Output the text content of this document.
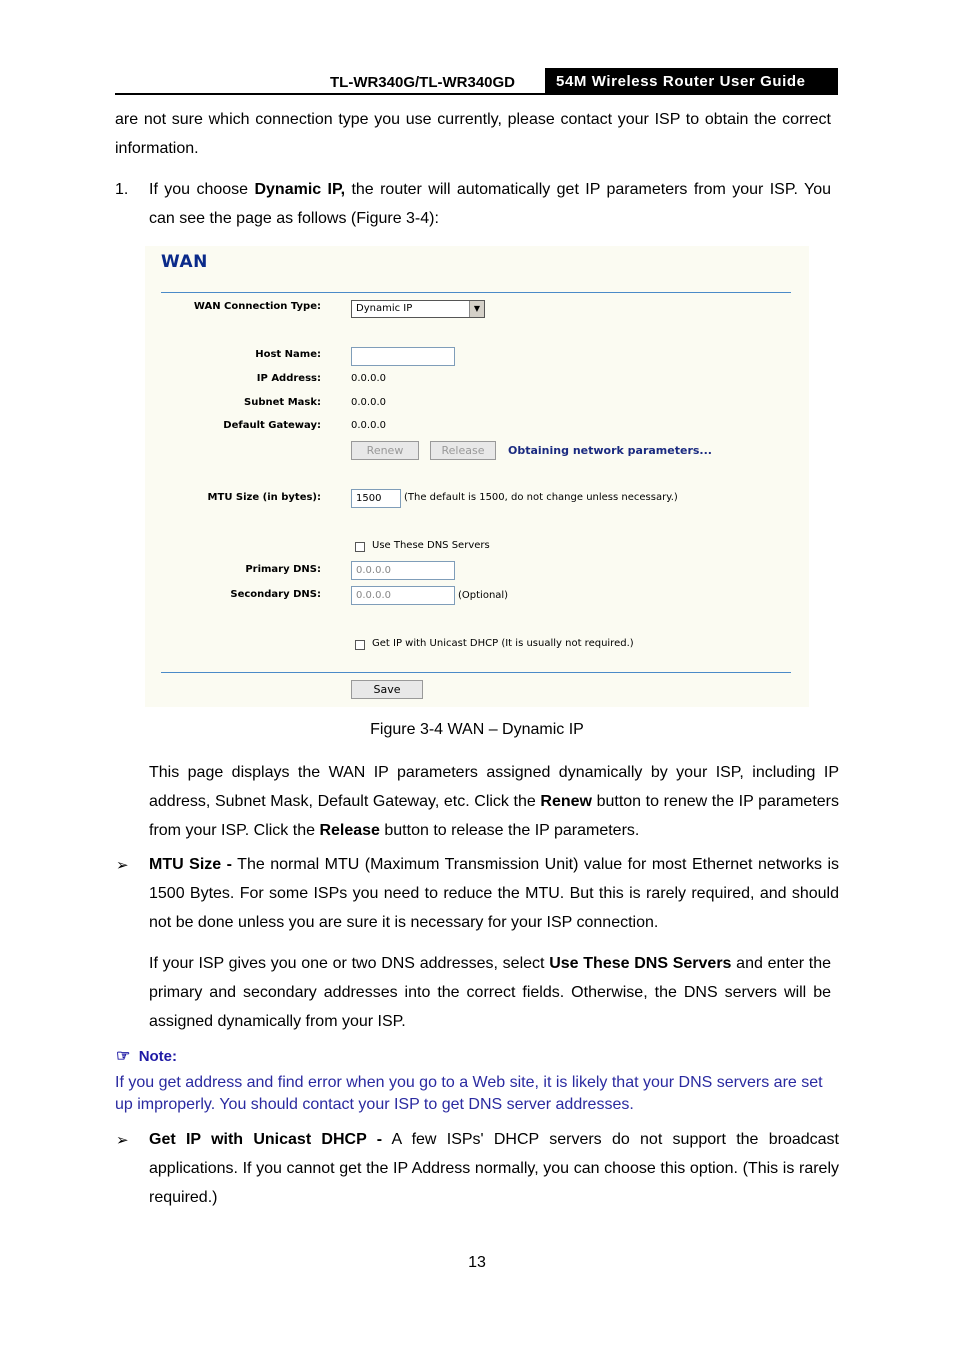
TL-WR340G/TL-WR340GD	54M Wireless Router User Guide
are not sure which connection type you use currently, please contact your ISP to obtain the correct information.
1. If you choose Dynamic IP, the router will automatically get IP parameters from your ISP. You can see the page as follows (Figure 3-4):
WAN
WAN Connection Type:	Dynamic IP	▼
Host Name:
IP Address:	0.0.0.0
Subnet Mask:	0.0.0.0
Default Gateway:	0.0.0.0
Renew	Release	Obtaining network parameters...
MTU Size (in bytes):	1500	(The default is 1500, do not change unless necessary.)
Use These DNS Servers
Primary DNS:	0.0.0.0
Secondary DNS:	0.0.0.0	(Optional)
Get IP with Unicast DHCP (It is usually not required.)
Save
Figure 3-4 WAN – Dynamic IP
This page displays the WAN IP parameters assigned dynamically by your ISP, including IP address, Subnet Mask, Default Gateway, etc. Click the Renew button to renew the IP parameters from your ISP. Click the Release button to release the IP parameters.
➢ MTU Size - The normal MTU (Maximum Transmission Unit) value for most Ethernet networks is 1500 Bytes. For some ISPs you need to reduce the MTU. But this is rarely required, and should not be done unless you are sure it is necessary for your ISP connection.
If your ISP gives you one or two DNS addresses, select Use These DNS Servers and enter the primary and secondary addresses into the correct fields. Otherwise, the DNS servers will be assigned dynamically from your ISP.
☞ Note:
If you get address and find error when you go to a Web site, it is likely that your DNS servers are set up improperly. You should contact your ISP to get DNS server addresses.
➢ Get IP with Unicast DHCP - A few ISPs' DHCP servers do not support the broadcast applications. If you cannot get the IP Address normally, you can choose this option. (This is rarely required.)
13
